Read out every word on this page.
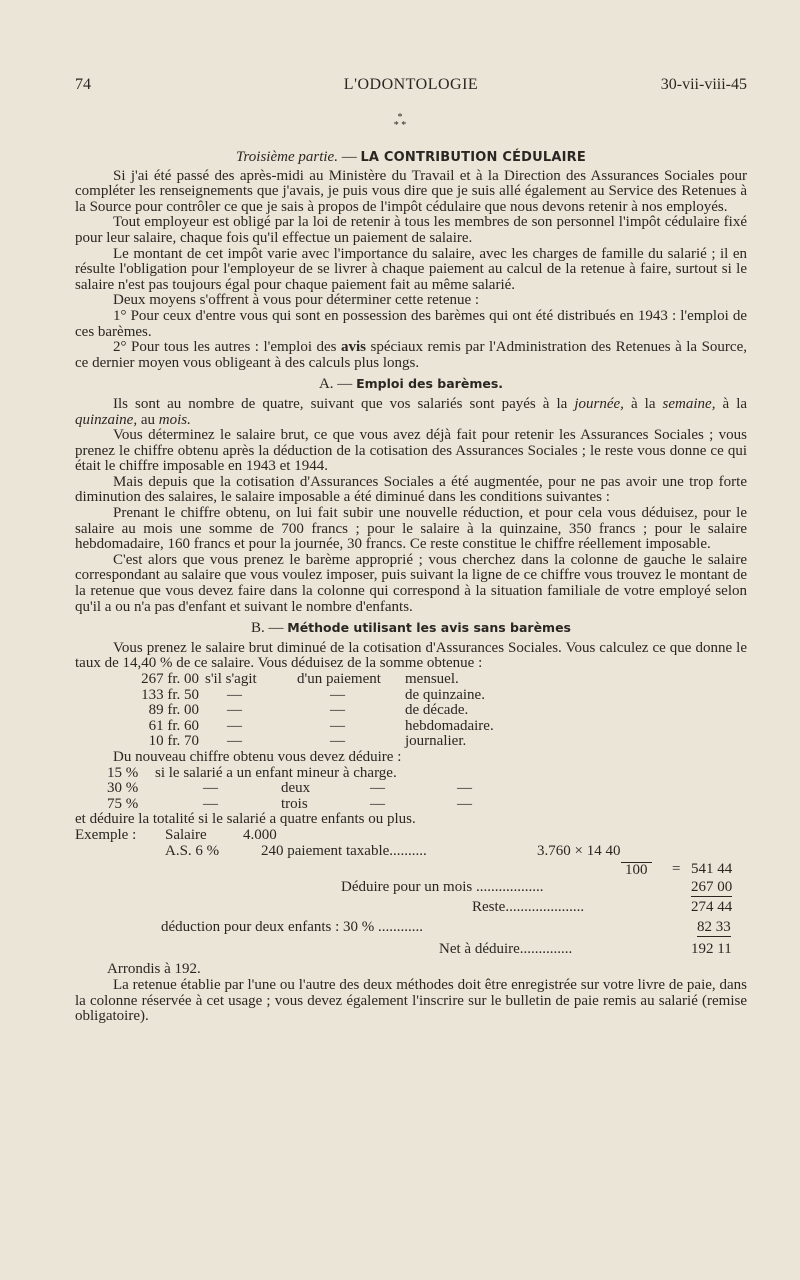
74	L'ODONTOLOGIE	30-vii-viii-45
*
* *
Troisième partie. — LA CONTRIBUTION CÉDULAIRE

Si j'ai été passé des après-midi au Ministère du Travail et à la Direction des Assurances Sociales pour compléter les renseignements que j'avais, je puis vous dire que je suis allé également au Service des Retenues à la Source pour contrôler ce que je sais à propos de l'impôt cédulaire que nous devons retenir à nos employés.

Tout employeur est obligé par la loi de retenir à tous les membres de son personnel l'impôt cédulaire fixé pour leur salaire, chaque fois qu'il effectue un paiement de salaire.

Le montant de cet impôt varie avec l'importance du salaire, avec les charges de famille du salarié ; il en résulte l'obligation pour l'employeur de se livrer à chaque paiement au calcul de la retenue à faire, surtout si le salaire n'est pas toujours égal pour chaque paiement fait au même salarié.

Deux moyens s'offrent à vous pour déterminer cette retenue :

1° Pour ceux d'entre vous qui sont en possession des barèmes qui ont été distribués en 1943 : l'emploi de ces barèmes.

2° Pour tous les autres : l'emploi des avis spéciaux remis par l'Administration des Retenues à la Source, ce dernier moyen vous obligeant à des calculs plus longs.

A. — Emploi des barèmes.

Ils sont au nombre de quatre, suivant que vos salariés sont payés à la journée, à la semaine, à la quinzaine, au mois.

Vous déterminez le salaire brut, ce que vous avez déjà fait pour retenir les Assurances Sociales ; vous prenez le chiffre obtenu après la déduction de la cotisation des Assurances Sociales ; le reste vous donne ce qui était le chiffre imposable en 1943 et 1944.

Mais depuis que la cotisation d'Assurances Sociales a été augmentée, pour ne pas avoir une trop forte diminution des salaires, le salaire imposable a été diminué dans les conditions suivantes :

Prenant le chiffre obtenu, on lui fait subir une nouvelle réduction, et pour cela vous déduisez, pour le salaire au mois une somme de 700 francs ; pour le salaire à la quinzaine, 350 francs ; pour le salaire hebdomadaire, 160 francs et pour la journée, 30 francs. Ce reste constitue le chiffre réellement imposable.

C'est alors que vous prenez le barème approprié ; vous cherchez dans la colonne de gauche le salaire correspondant au salaire que vous voulez imposer, puis suivant la ligne de ce chiffre vous trouvez le montant de la retenue que vous devez faire dans la colonne qui correspond à la situation familiale de votre employé selon qu'il a ou n'a pas d'enfant et suivant le nombre d'enfants.

B. — Méthode utilisant les avis sans barèmes

Vous prenez le salaire brut diminué de la cotisation d'Assurances Sociales. Vous calculez ce que donne le taux de 14,40 % de ce salaire. Vous déduisez de la somme obtenue :

267 fr. 00 s'il s'agit	d'un paiement mensuel.
133 fr. 50 —	—	de quinzaine.
89 fr. 00 —	—	de décade.
61 fr. 60 —	—	hebdomadaire.
10 fr. 70 —	—	journalier.

Du nouveau chiffre obtenu vous devez déduire :

15 % si le salarié a un enfant mineur à charge.
30 %	—	deux	—	—
75 %	—	trois	—	—

et déduire la totalité si le salarié a quatre enfants ou plus.

Exemple : Salaire 4.000
A.S. 6 %	240 paiement taxable..........	3.760 × 14 40
100 = 541 44
Déduire pour un mois ..................	267 00
Reste.....................	274 44
déduction pour deux enfants : 30 % ............	82 33
Net à déduire..............	192 11
Arrondis à 192.

La retenue établie par l'une ou l'autre des deux méthodes doit être enregistrée sur votre livre de paie, dans la colonne réservée à cet usage ; vous devez également l'inscrire sur le bulletin de paie remis au salarié (remise obligatoire).
